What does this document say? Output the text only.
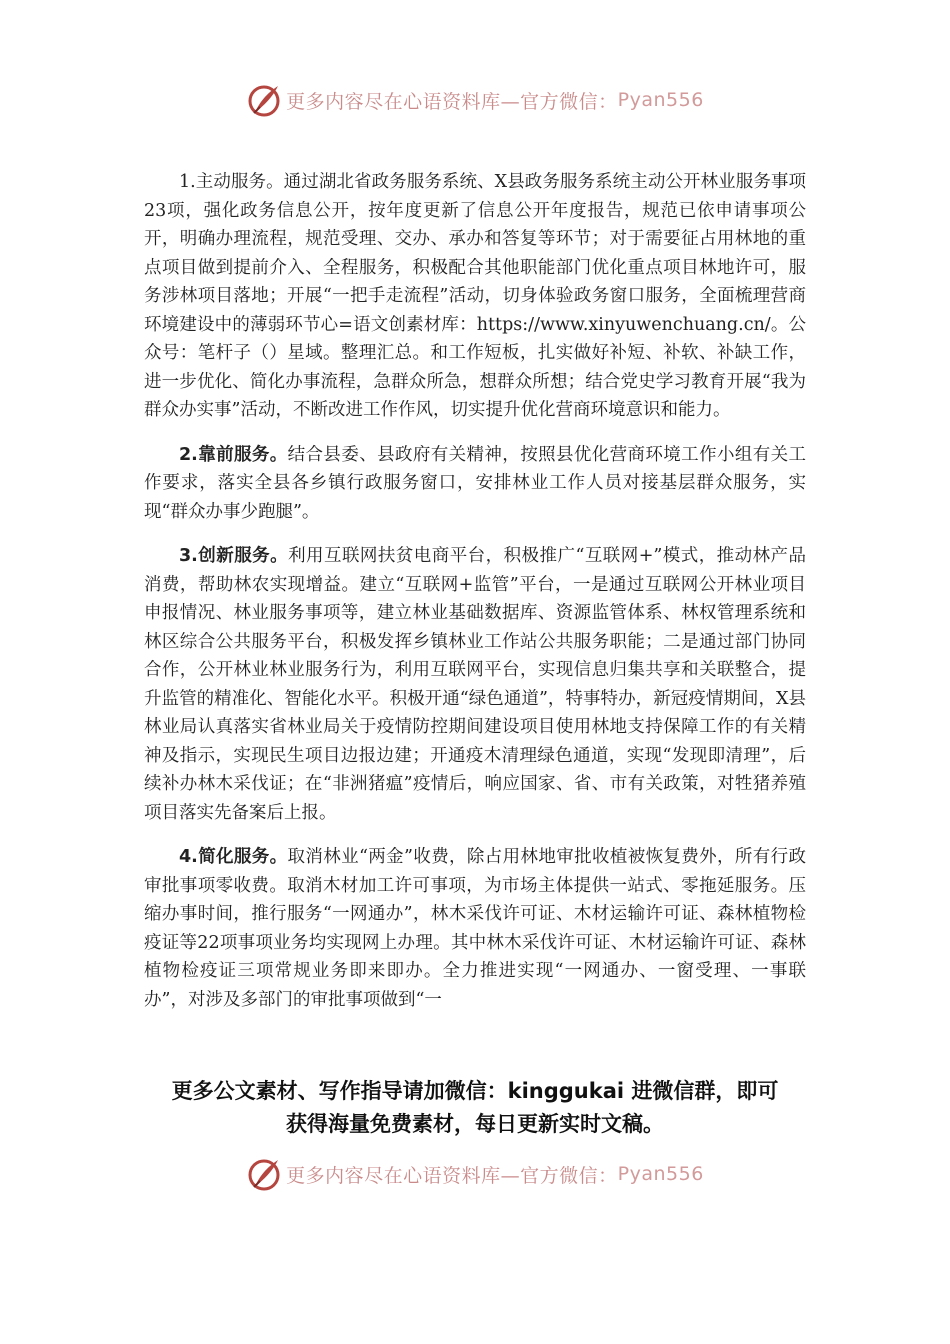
更多内容尽在心语资料库—官方微信： Pyan556

1.主动服务。通过湖北省政务服务系统、X县政务服务系统主动公开林业服务事项23项，强化政务信息公开，按年度更新了信息公开年度报告，规范已依申请事项公开，明确办理流程，规范受理、交办、承办和答复等环节；对于需要征占用林地的重点项目做到提前介入、全程服务，积极配合其他职能部门优化重点项目林地许可，服务涉林项目落地；开展“一把手走流程”活动，切身体验政务窗口服务，全面梳理营商环境建设中的薄弱环节心=语文创素材库：https://www.xinyuwenchuang.cn/。公众号：笔杆子（）星域。整理汇总。和工作短板，扎实做好补短、补软、补缺工作，进一步优化、简化办事流程，急群众所急，想群众所想；结合党史学习教育开展“我为群众办实事”活动，不断改进工作作风，切实提升优化营商环境意识和能力。

2.靠前服务。结合县委、县政府有关精神，按照县优化营商环境工作小组有关工作要求，落实全县各乡镇行政服务窗口，安排林业工作人员对接基层群众服务，实现“群众办事少跑腿”。

3.创新服务。利用互联网扶贫电商平台，积极推广“互联网+”模式，推动林产品消费，帮助林农实现增益。建立“互联网+监管”平台，一是通过互联网公开林业项目申报情况、林业服务事项等，建立林业基础数据库、资源监管体系、林权管理系统和林区综合公共服务平台，积极发挥乡镇林业工作站公共服务职能；二是通过部门协同合作，公开林业林业服务行为，利用互联网平台，实现信息归集共享和关联整合，提升监管的精准化、智能化水平。积极开通“绿色通道”，特事特办，新冠疫情期间，X县林业局认真落实省林业局关于疫情防控期间建设项目使用林地支持保障工作的有关精神及指示，实现民生项目边报边建；开通疫木清理绿色通道，实现“发现即清理”，后续补办林木采伐证；在“非洲猪瘟”疫情后，响应国家、省、市有关政策，对牲猪养殖项目落实先备案后上报。

4.简化服务。取消林业“两金”收费，除占用林地审批收植被恢复费外，所有行政审批事项零收费。取消木材加工许可事项，为市场主体提供一站式、零拖延服务。压缩办事时间，推行服务“一网通办”，林木采伐许可证、木材运输许可证、森林植物检疫证等22项事项业务均实现网上办理。其中林木采伐许可证、木材运输许可证、森林植物检疫证三项常规业务即来即办。全力推进实现“一网通办、一窗受理、一事联办”，对涉及多部门的审批事项做到“一

更多公文素材、写作指导请加微信：kinggukai 进微信群，即可
获得海量免费素材，每日更新实时文稿。
更多内容尽在心语资料库—官方微信： Pyan556
